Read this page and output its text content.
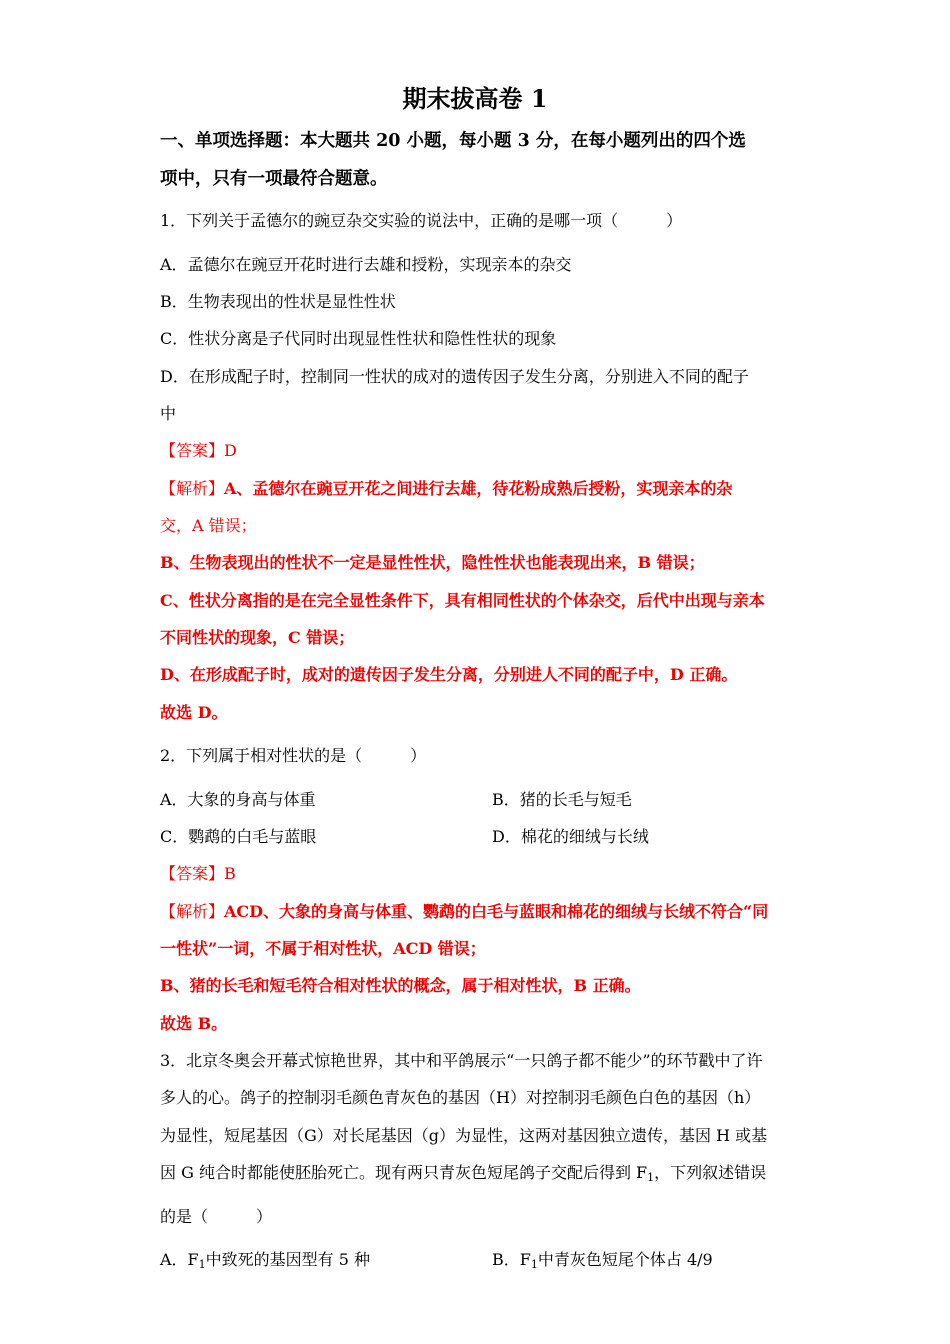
期末拔高卷 1
一、单项选择题：本大题共 20 小题，每小题 3 分，在每小题列出的四个选
项中，只有一项最符合题意。
1．下列关于孟德尔的豌豆杂交实验的说法中，正确的是哪一项（　　　）
A．孟德尔在豌豆开花时进行去雄和授粉，实现亲本的杂交
B．生物表现出的性状是显性性状
C．性状分离是子代同时出现显性性状和隐性性状的现象
D．在形成配子时，控制同一性状的成对的遗传因子发生分离，分别进入不同的配子
中
【答案】D
【解析】A、孟德尔在豌豆开花之间进行去雄，待花粉成熟后授粉，实现亲本的杂
交，A 错误；
B、生物表现出的性状不一定是显性性状，隐性性状也能表现出来，B 错误；
C、性状分离指的是在完全显性条件下，具有相同性状的个体杂交，后代中出现与亲本
不同性状的现象，C 错误；
D、在形成配子时，成对的遗传因子发生分离，分别进人不同的配子中，D 正确。
故选 D。
2．下列属于相对性状的是（　　　）
A．大象的身高与体重	B．猪的长毛与短毛
C．鹦鹉的白毛与蓝眼	D．棉花的细绒与长绒
【答案】B
【解析】ACD、大象的身高与体重、鹦鹉的白毛与蓝眼和棉花的细绒与长绒不符合“同
一性状”一词，不属于相对性状，ACD 错误；
B、猪的长毛和短毛符合相对性状的概念，属于相对性状，B 正确。
故选 B。
3．北京冬奥会开幕式惊艳世界，其中和平鸽展示“一只鸽子都不能少”的环节戳中了许
多人的心。鸽子的控制羽毛颜色青灰色的基因（H）对控制羽毛颜色白色的基因（h）
为显性，短尾基因（G）对长尾基因（g）为显性，这两对基因独立遗传，基因 H 或基
因 G 纯合时都能使胚胎死亡。现有两只青灰色短尾鸽子交配后得到 $F_1$，下列叙述错误
的是（　　　）
A．$F_1$中致死的基因型有 5 种	B．$F_1$中青灰色短尾个体占 4/9
